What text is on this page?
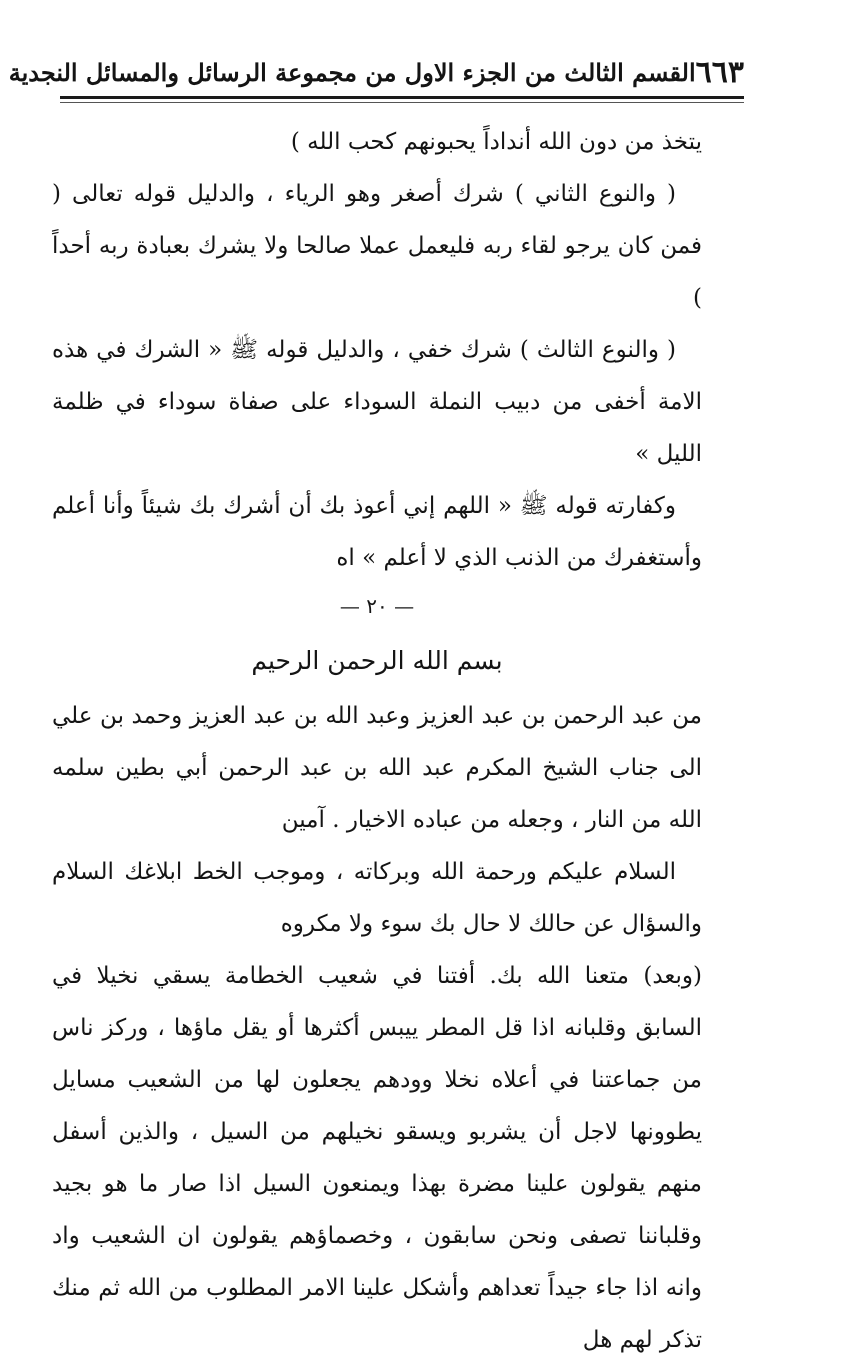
٦٦٣
القسم الثالث من الجزء الاول من مجموعة الرسائل والمسائل النجدية

يتخذ من دون الله أنداداً يحبونهم كحب الله )

( والنوع الثاني ) شرك أصغر وهو الرياء ، والدليل قوله تعالى ( فمن كان يرجو لقاء ربه فليعمل عملا صالحا ولا يشرك بعبادة ربه أحداً )

( والنوع الثالث ) شرك خفي ، والدليل قوله ﷺ « الشرك في هذه الامة أخفى من دبيب النملة السوداء على صفاة سوداء في ظلمة الليل »

وكفارته قوله ﷺ « اللهم إني أعوذ بك أن أشرك بك شيئاً وأنا أعلم وأستغفرك من الذنب الذي لا أعلم » اه

— ٢٠ —
بسم الله الرحمن الرحيم

من عبد الرحمن بن عبد العزيز وعبد الله بن عبد العزيز وحمد بن علي الى جناب الشيخ المكرم عبد الله بن عبد الرحمن أبي بطين سلمه الله من النار ، وجعله من عباده الاخيار . آمين

السلام عليكم ورحمة الله وبركاته ، وموجب الخط ابلاغك السلام والسؤال عن حالك لا حال بك سوء ولا مكروه

(وبعد) متعنا الله بك. أفتنا في شعيب الخطامة يسقي نخيلا في السابق وقلبانه اذا قل المطر ييبس أكثرها أو يقل ماؤها ، وركز ناس من جماعتنا في أعلاه نخلا وودهم يجعلون لها من الشعيب مسايل يطوونها لاجل أن يشربو ويسقو نخيلهم من السيل ، والذين أسفل منهم يقولون علينا مضرة بهذا ويمنعون السيل اذا صار ما هو بجيد وقلباننا تصفى ونحن سابقون ، وخصماؤهم يقولون ان الشعيب واد وانه اذا جاء جيداً تعداهم وأشكل علينا الامر المطلوب من الله ثم منك تذكر لهم هل
